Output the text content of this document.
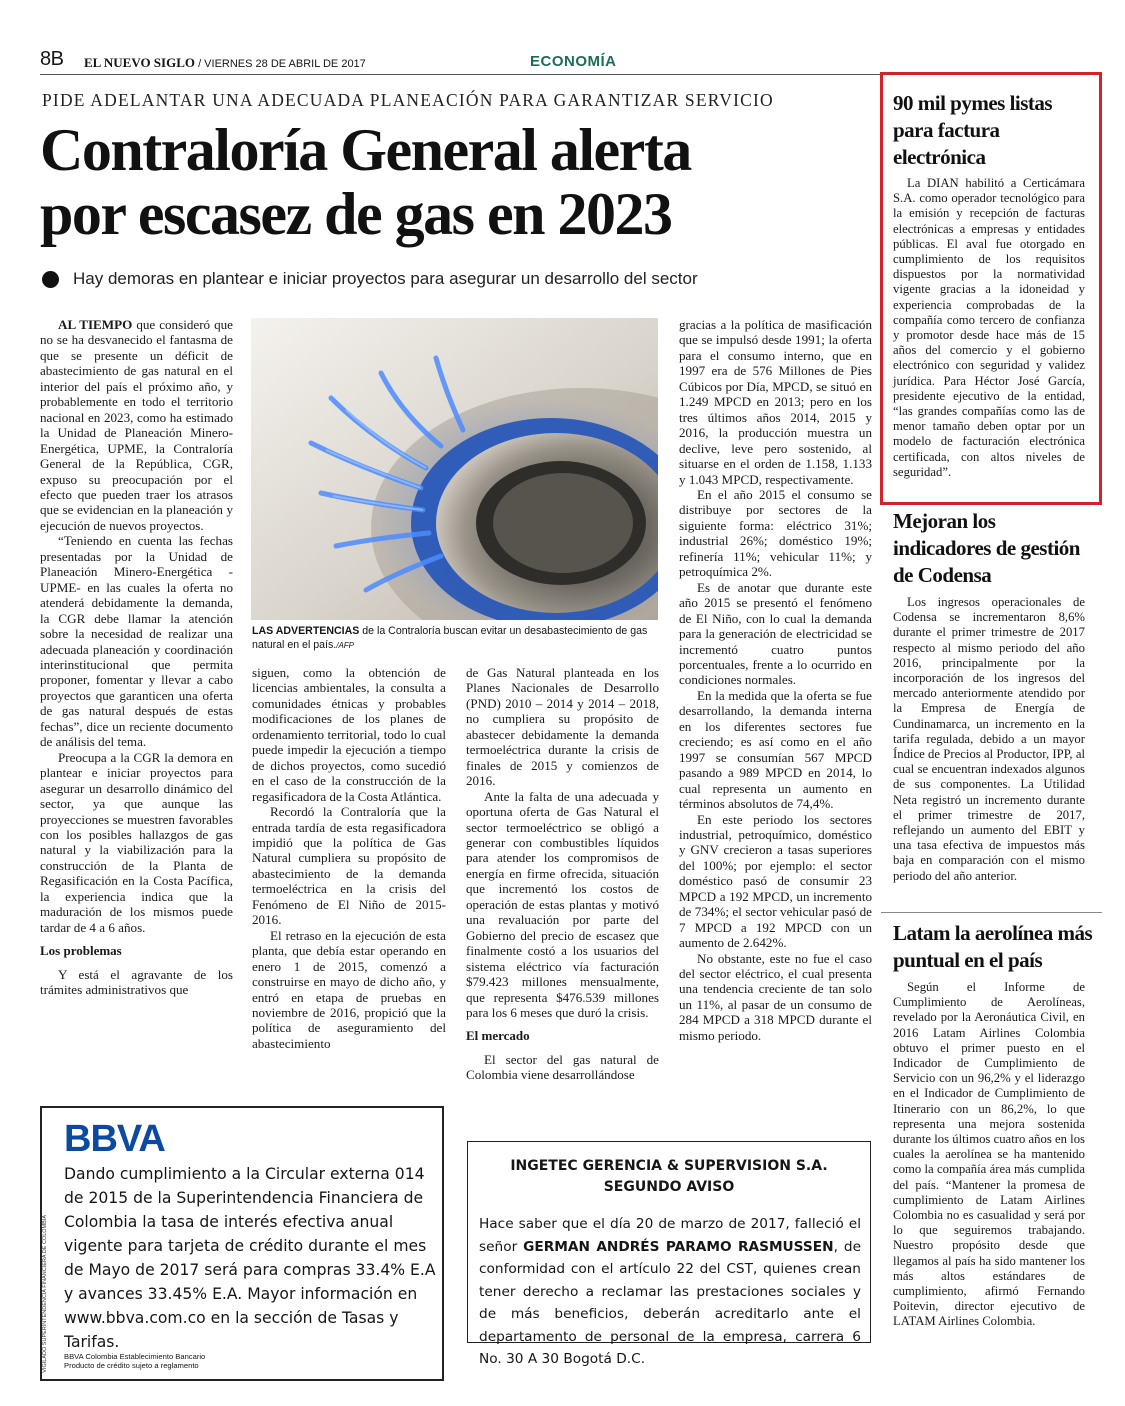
8B EL NUEVO SIGLO / VIERNES 28 DE ABRIL DE 2017	ECONOMÍA
PIDE ADELANTAR UNA ADECUADA PLANEACIÓN PARA GARANTIZAR SERVICIO
Contraloría General alerta
por escasez de gas en 2023
Hay demoras en plantear e iniciar proyectos para asegurar un desarrollo del sector

AL TIEMPO que consideró que no se ha desvanecido el fantasma de que se presente un déficit de abastecimiento de gas natural en el interior del país el próximo año, y probablemente en todo el territorio nacional en 2023, como ha estimado la Unidad de Planeación Minero-Energética, UPME, la Contraloría General de la República, CGR, expuso su preocupación por el efecto que pueden traer los atrasos que se evidencian en la planeación y ejecución de nuevos proyectos.

“Teniendo en cuenta las fechas presentadas por la Unidad de Planeación Minero-Energética -UPME- en las cuales la oferta no atenderá debidamente la demanda, la CGR debe llamar la atención sobre la necesidad de realizar una adecuada planeación y coordinación interinstitucional que permita proponer, fomentar y llevar a cabo proyectos que garanticen una oferta de gas natural después de estas fechas”, dice un reciente documento de análisis del tema.

Preocupa a la CGR la demora en plantear e iniciar proyectos para asegurar un desarrollo dinámico del sector, ya que aunque las proyecciones se muestren favorables con los posibles hallazgos de gas natural y la viabilización para la construcción de la Planta de Regasificación en la Costa Pacífica, la experiencia indica que la maduración de los mismos puede tardar de 4 a 6 años.

Los problemas

Y está el agravante de los trámites administrativos que

LAS ADVERTENCIAS de la Contraloría buscan evitar un desabastecimiento de gas natural en el país./AFP

siguen, como la obtención de licencias ambientales, la consulta a comunidades étnicas y probables modificaciones de los planes de ordenamiento territorial, todo lo cual puede impedir la ejecución a tiempo de dichos proyectos, como sucedió en el caso de la construcción de la regasificadora de la Costa Atlántica.

Recordó la Contraloría que la entrada tardía de esta regasificadora impidió que la política de Gas Natural cumpliera su propósito de abastecimiento de la demanda termoeléctrica en la crisis del Fenómeno de El Niño de 2015-2016.

El retraso en la ejecución de esta planta, que debía estar operando en enero 1 de 2015, comenzó a construirse en mayo de dicho año, y entró en etapa de pruebas en noviembre de 2016, propició que la política de aseguramiento del abastecimiento

de Gas Natural planteada en los Planes Nacionales de Desarrollo (PND) 2010 – 2014 y 2014 – 2018, no cumpliera su propósito de abastecer debidamente la demanda termoeléctrica durante la crisis de finales de 2015 y comienzos de 2016.

Ante la falta de una adecuada y oportuna oferta de Gas Natural el sector termoeléctrico se obligó a generar con combustibles líquidos para atender los compromisos de energía en firme ofrecida, situación que incrementó los costos de operación de estas plantas y motivó una revaluación por parte del Gobierno del precio de escasez que finalmente costó a los usuarios del sistema eléctrico vía facturación $79.423 millones mensualmente, que representa $476.539 millones para los 6 meses que duró la crisis.

El mercado

El sector del gas natural de Colombia viene desarrollándose

gracias a la política de masificación que se impulsó desde 1991; la oferta para el consumo interno, que en 1997 era de 576 Millones de Pies Cúbicos por Día, MPCD, se situó en 1.249 MPCD en 2013; pero en los tres últimos años 2014, 2015 y 2016, la producción muestra un declive, leve pero sostenido, al situarse en el orden de 1.158, 1.133 y 1.043 MPCD, respectivamente.

En el año 2015 el consumo se distribuye por sectores de la siguiente forma: eléctrico 31%; industrial 26%; doméstico 19%; refinería 11%; vehicular 11%; y petroquímica 2%.

Es de anotar que durante este año 2015 se presentó el fenómeno de El Niño, con lo cual la demanda para la generación de electricidad se incrementó cuatro puntos porcentuales, frente a lo ocurrido en condiciones normales.

En la medida que la oferta se fue desarrollando, la demanda interna en los diferentes sectores fue creciendo; es así como en el año 1997 se consumían 567 MPCD pasando a 989 MPCD en 2014, lo cual representa un aumento en términos absolutos de 74,4%.

En este periodo los sectores industrial, petroquímico, doméstico y GNV crecieron a tasas superiores del 100%; por ejemplo: el sector doméstico pasó de consumir 23 MPCD a 192 MPCD, un incremento de 734%; el sector vehicular pasó de 7 MPCD a 192 MPCD con un aumento de 2.642%.

No obstante, este no fue el caso del sector eléctrico, el cual presenta una tendencia creciente de tan solo un 11%, al pasar de un consumo de 284 MPCD a 318 MPCD durante el mismo periodo.

BBVA
Dando cumplimiento a la Circular externa 014 de 2015 de la Superintendencia Financiera de Colombia la tasa de interés efectiva anual vigente para tarjeta de crédito durante el mes de Mayo de 2017 será para compras 33.4% E.A y avances 33.45% E.A. Mayor información en www.bbva.com.co en la sección de Tasas y Tarifas.
BBVA Colombia Establecimiento Bancario
Producto de crédito sujeto a reglamento
VIGILADO SUPERINTENDENCIA FINANCIERA DE COLOMBIA
INGETEC GERENCIA & SUPERVISION S.A.
SEGUNDO AVISO
Hace saber que el día 20 de marzo de 2017, falleció el señor GERMAN ANDRÉS PARAMO RASMUSSEN, de conformidad con el artículo 22 del CST, quienes crean tener derecho a reclamar las prestaciones sociales y de más beneficios, deberán acreditarlo ante el departamento de personal de la empresa, carrera 6 No. 30 A 30 Bogotá D.C.
90 mil pymes listas para factura electrónica

La DIAN habilitó a Certicámara S.A. como operador tecnológico para la emisión y recepción de facturas electrónicas a empresas y entidades públicas. El aval fue otorgado en cumplimiento de los requisitos dispuestos por la normatividad vigente gracias a la idoneidad y experiencia comprobadas de la compañía como tercero de confianza y promotor desde hace más de 15 años del comercio y el gobierno electrónico con seguridad y validez jurídica. Para Héctor José García, presidente ejecutivo de la entidad, “las grandes compañías como las de menor tamaño deben optar por un modelo de facturación electrónica certificada, con altos niveles de seguridad”.

Mejoran los indicadores de gestión de Codensa

Los ingresos operacionales de Codensa se incrementaron 8,6% durante el primer trimestre de 2017 respecto al mismo periodo del año 2016, principalmente por la incorporación de los ingresos del mercado anteriormente atendido por la Empresa de Energía de Cundinamarca, un incremento en la tarifa regulada, debido a un mayor Índice de Precios al Productor, IPP, al cual se encuentran indexados algunos de sus componentes. La Utilidad Neta registró un incremento durante el primer trimestre de 2017, reflejando un aumento del EBIT y una tasa efectiva de impuestos más baja en comparación con el mismo periodo del año anterior.

Latam la aerolínea más puntual en el país

Según el Informe de Cumplimiento de Aerolíneas, revelado por la Aeronáutica Civil, en 2016 Latam Airlines Colombia obtuvo el primer puesto en el Indicador de Cumplimiento de Servicio con un 96,2% y el liderazgo en el Indicador de Cumplimiento de Itinerario con un 86,2%, lo que representa una mejora sostenida durante los últimos cuatro años en los cuales la aerolínea se ha mantenido como la compañía área más cumplida del país. “Mantener la promesa de cumplimiento de Latam Airlines Colombia no es casualidad y será por lo que seguiremos trabajando. Nuestro propósito desde que llegamos al país ha sido mantener los más altos estándares de cumplimiento, afirmó Fernando Poitevin, director ejecutivo de LATAM Airlines Colombia.
